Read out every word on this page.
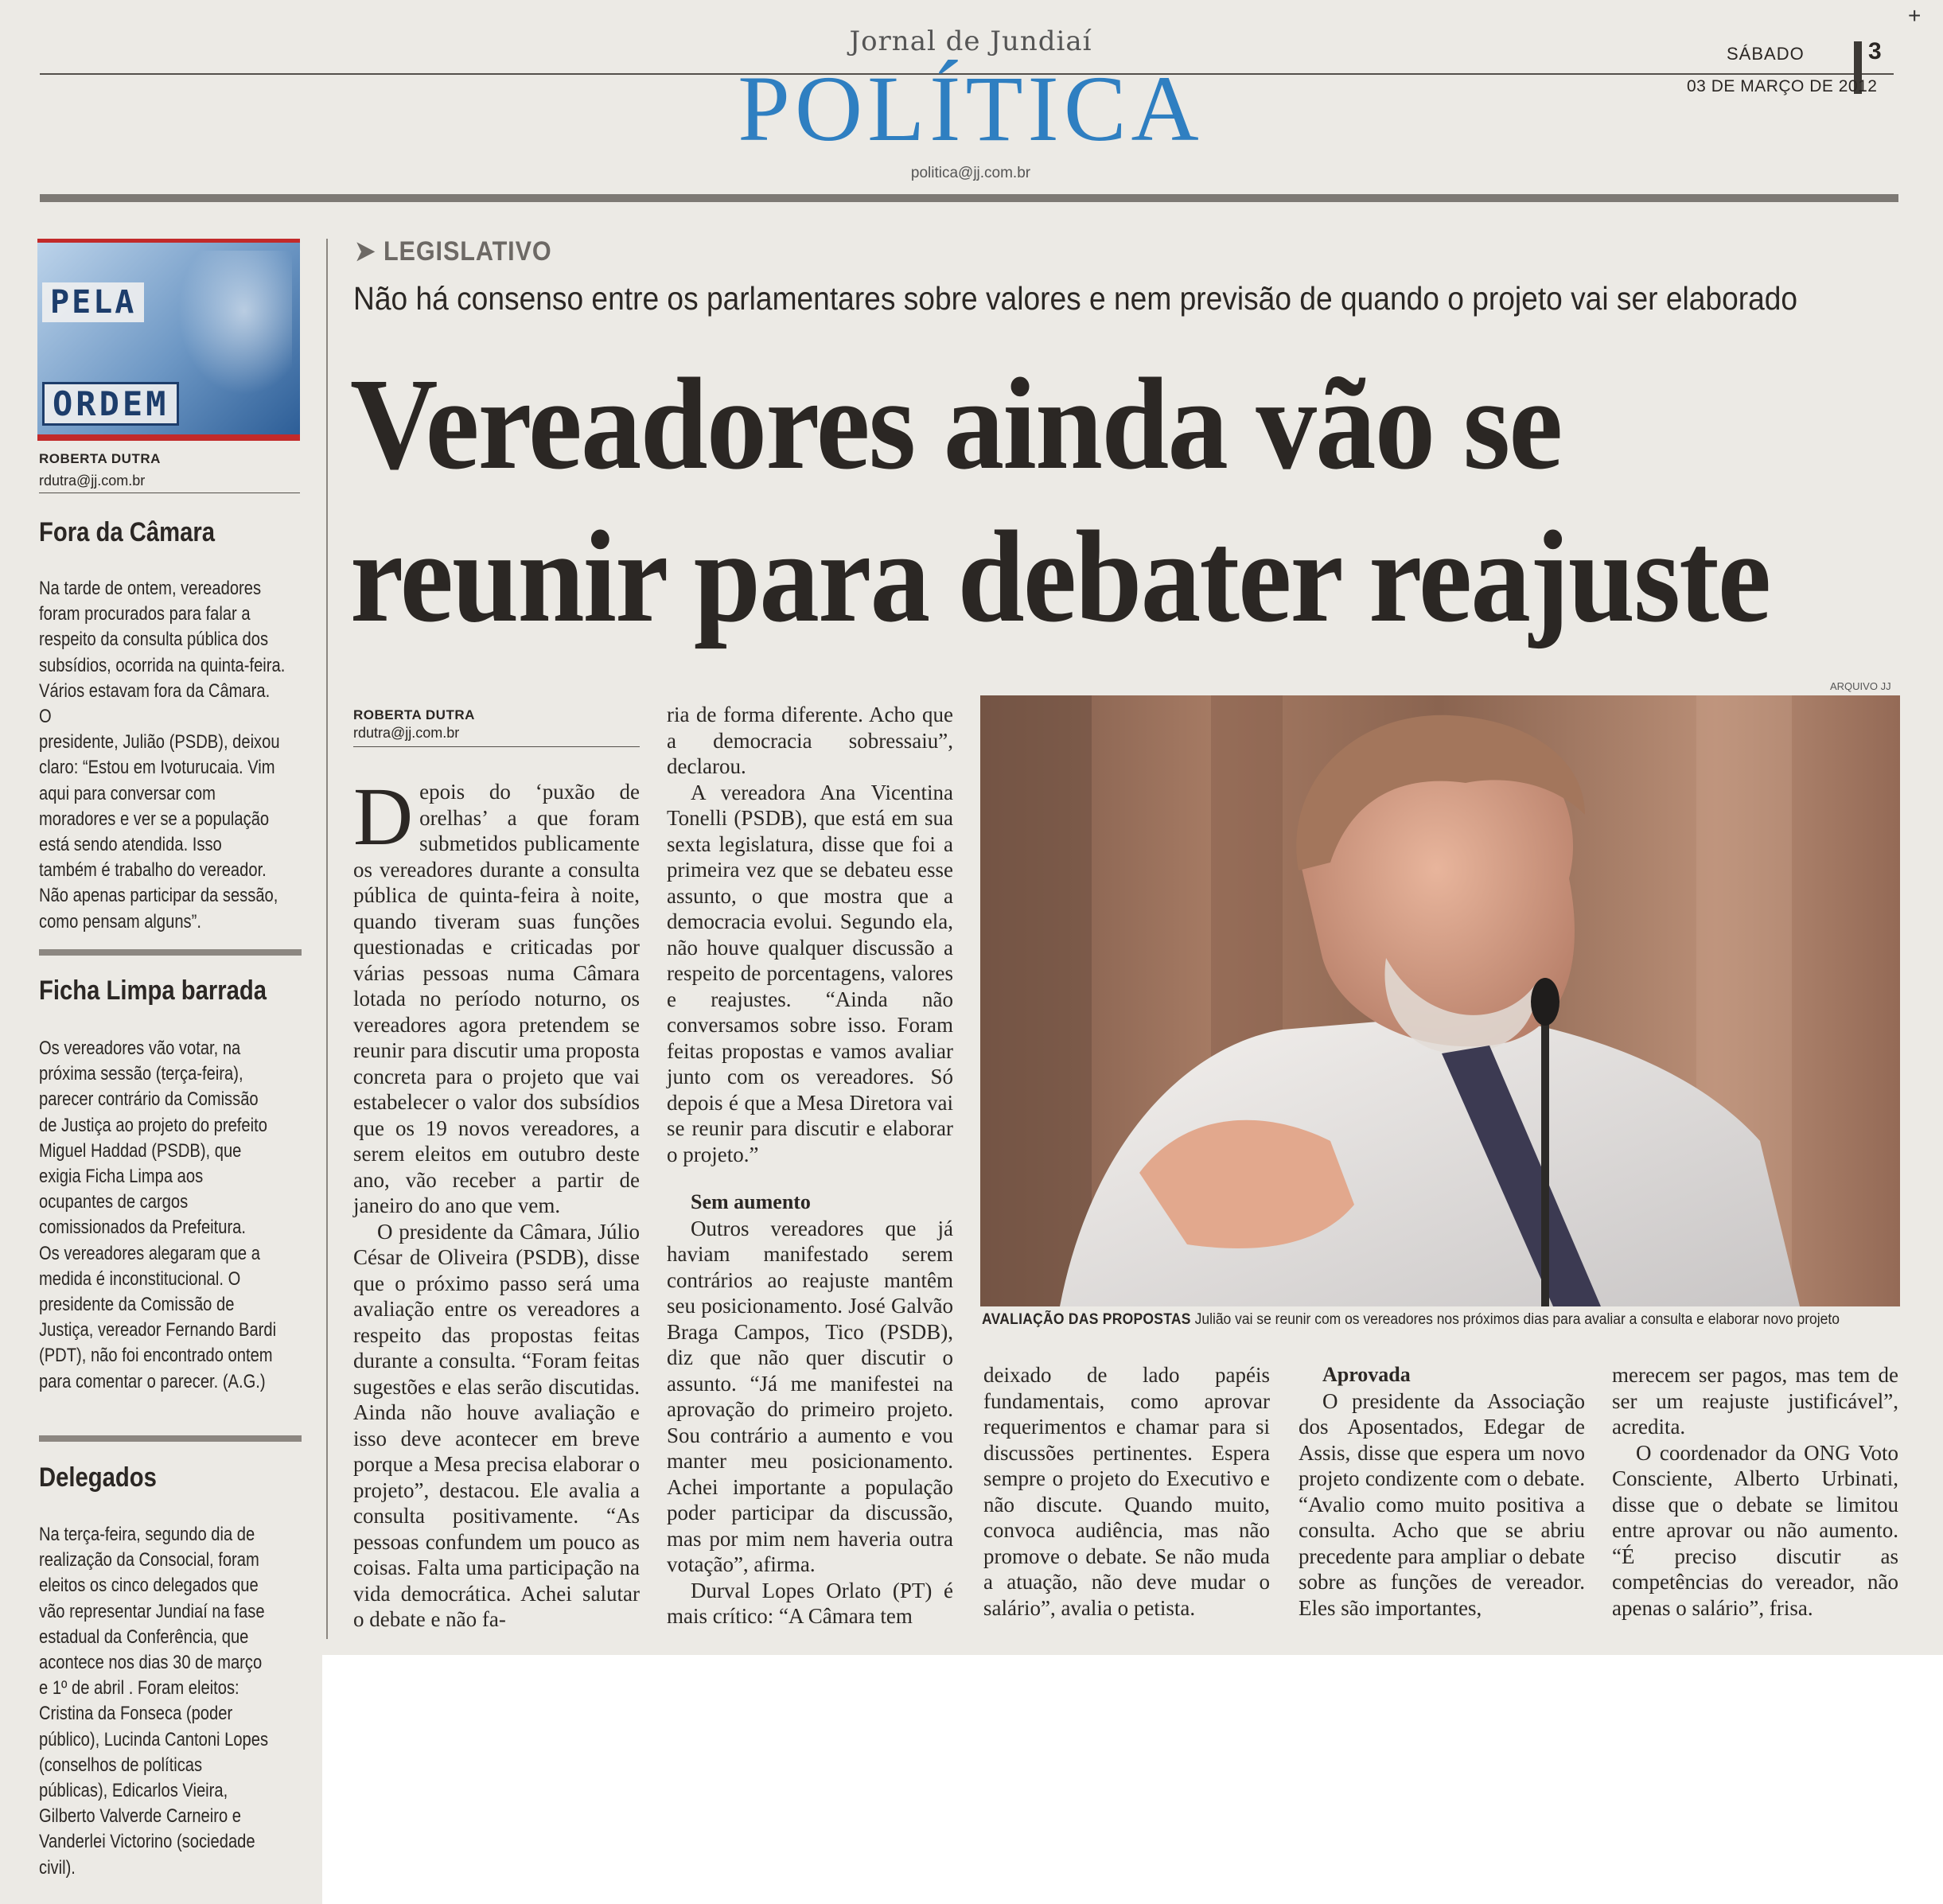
+
Jornal de Jundiaí
POLÍTICA
politica@jj.com.br
SÁBADO	3
03 DE MARÇO DE 2012
PELA
ORDEM
ROBERTA DUTRA
rdutra@jj.com.br
Fora da Câmara
Na tarde de ontem, vereadores
foram procurados para falar a
respeito da consulta pública dos
subsídios, ocorrida na quinta-feira.
Vários estavam fora da Câmara. O
presidente, Julião (PSDB), deixou
claro: “Estou em Ivoturucaia. Vim
aqui para conversar com
moradores e ver se a população
está sendo atendida. Isso
também é trabalho do vereador.
Não apenas participar da sessão,
como pensam alguns”.
Ficha Limpa barrada
Os vereadores vão votar, na
próxima sessão (terça-feira),
parecer contrário da Comissão
de Justiça ao projeto do prefeito
Miguel Haddad (PSDB), que
exigia Ficha Limpa aos
ocupantes de cargos
comissionados da Prefeitura.
Os vereadores alegaram que a
medida é inconstitucional. O
presidente da Comissão de
Justiça, vereador Fernando Bardi
(PDT), não foi encontrado ontem
para comentar o parecer. (A.G.)
Delegados
Na terça-feira, segundo dia de
realização da Consocial, foram
eleitos os cinco delegados que
vão representar Jundiaí na fase
estadual da Conferência, que
acontece nos dias 30 de março
e 1º de abril . Foram eleitos:
Cristina da Fonseca (poder
público), Lucinda Cantoni Lopes
(conselhos de políticas
públicas), Edicarlos Vieira,
Gilberto Valverde Carneiro e
Vanderlei Victorino (sociedade
civil).
➤ LEGISLATIVO
Não há consenso entre os parlamentares sobre valores e nem previsão de quando o projeto vai ser elaborado
Vereadores ainda vão se
reunir para debater reajuste
ROBERTA DUTRA
rdutra@jj.com.br

Depois do ‘puxão de orelhas’ a que foram submetidos publicamente os vereadores durante a consulta pública de quinta-feira à noite, quando tiveram suas funções questionadas e criticadas por várias pessoas numa Câmara lotada no período noturno, os vereadores agora pretendem se reunir para discutir uma proposta concreta para o projeto que vai estabelecer o valor dos subsídios que os 19 novos vereadores, a serem eleitos em outubro deste ano, vão receber a partir de janeiro do ano que vem.

O presidente da Câmara, Júlio César de Oliveira (PSDB), disse que o próximo passo será uma avaliação entre os vereadores a respeito das propostas feitas durante a consulta. “Foram feitas sugestões e elas serão discutidas. Ainda não houve avaliação e isso deve acontecer em breve porque a Mesa precisa elaborar o projeto”, destacou. Ele avalia a consulta positivamente. “As pessoas confundem um pouco as coisas. Falta uma participação na vida democrática. Achei salutar o debate e não fa-

ria de forma diferente. Acho que a democracia sobressaiu”, declarou.

A vereadora Ana Vicentina Tonelli (PSDB), que está em sua sexta legislatura, disse que foi a primeira vez que se debateu esse assunto, o que mostra que a democracia evolui. Segundo ela, não houve qualquer discussão a respeito de porcentagens, valores e reajustes. “Ainda não conversamos sobre isso. Foram feitas propostas e vamos avaliar junto com os vereadores. Só depois é que a Mesa Diretora vai se reunir para discutir e elaborar o projeto.”

Sem aumento

Outros vereadores que já haviam manifestado serem contrários ao reajuste mantêm seu posicionamento. José Galvão Braga Campos, Tico (PSDB), diz que não quer discutir o assunto. “Já me manifestei na aprovação do primeiro projeto. Sou contrário a aumento e vou manter meu posicionamento. Achei importante a população poder participar da discussão, mas por mim nem haveria outra votação”, afirma.

Durval Lopes Orlato (PT) é mais crítico: “A Câmara tem

ARQUIVO JJ
AVALIAÇÃO DAS PROPOSTAS Julião vai se reunir com os vereadores nos próximos dias para avaliar a consulta e elaborar novo projeto

deixado de lado papéis fundamentais, como aprovar requerimentos e chamar para si discussões pertinentes. Espera sempre o projeto do Executivo e não discute. Quando muito, convoca audiência, mas não promove o debate. Se não muda a atuação, não deve mudar o salário”, avalia o petista.

Aprovada

O presidente da Associação dos Aposentados, Edegar de Assis, disse que espera um novo projeto condizente com o debate. “Avalio como muito positiva a consulta. Acho que se abriu precedente para ampliar o debate sobre as funções de vereador. Eles são importantes,

merecem ser pagos, mas tem de ser um reajuste justificável”, acredita.

O coordenador da ONG Voto Consciente, Alberto Urbinati, disse que o debate se limitou entre aprovar ou não aumento. “É preciso discutir as competências do vereador, não apenas o salário”, frisa.
